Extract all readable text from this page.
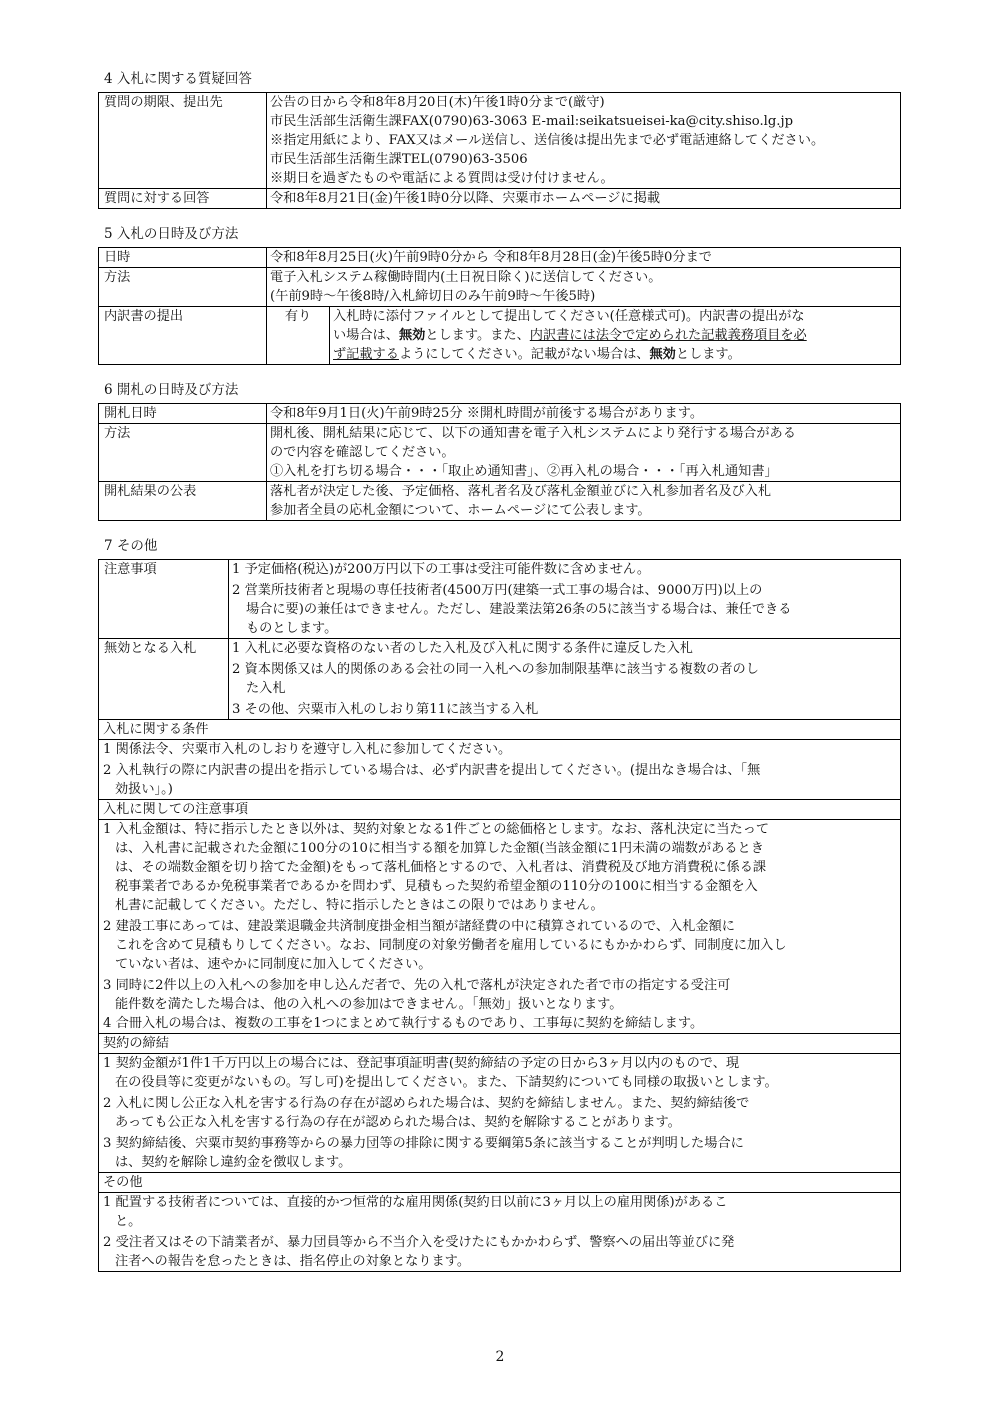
4 入札に関する質疑回答
質問の期限、提出先	公告の日から令和8年8月20日(木)午後1時0分まで(厳守)
市民生活部生活衛生課FAX(0790)63-3063 E-mail:seikatsueisei-ka@city.shiso.lg.jp
※指定用紙により、FAX又はメール送信し、送信後は提出先まで必ず電話連絡してください。
市民生活部生活衛生課TEL(0790)63-3506
※期日を過ぎたものや電話による質問は受け付けません。

質問に対する回答	令和8年8月21日(金)午後1時0分以降、宍粟市ホームページに掲載
5 入札の日時及び方法
日時	令和8年8月25日(火)午前9時0分から 令和8年8月28日(金)午後5時0分まで	
方法	電子入札システム稼働時間内(土日祝日除く)に送信してください。
(午前9時〜午後8時/入札締切日のみ午前9時〜午後5時)	

内訳書の提出	有り	入札時に添付ファイルとして提出してください(任意様式可)。内訳書の提出がな
い場合は、無効とします。また、内訳書には法令で定められた記載義務項目を必
ず記載するようにしてください。記載がない場合は、無効とします。
6 開札の日時及び方法
開札日時	令和8年9月1日(火)午前9時25分 ※開札時間が前後する場合があります。
方法	開札後、開札結果に応じて、以下の通知書を電子入札システムにより発行する場合がある
ので内容を確認してください。
①入札を打ち切る場合・・・「取止め通知書」、②再入札の場合・・・「再入札通知書」

開札結果の公表	落札者が決定した後、予定価格、落札者名及び落札金額並びに入札参加者名及び入札
参加者全員の応札金額について、ホームページにて公表します。
7 その他
注意事項	1 予定価格(税込)が200万円以下の工事は受注可能件数に含めません。
2 営業所技術者と現場の専任技術者(4500万円(建築一式工事の場合は、9000万円)以上の
場合に要)の兼任はできません。ただし、建設業法第26条の5に該当する場合は、兼任できる
ものとします。

無効となる入札	1 入札に必要な資格のない者のした入札及び入札に関する条件に違反した入札
2 資本関係又は人的関係のある会社の同一入札への参加制限基準に該当する複数の者のし
た入札
3 その他、宍粟市入札のしおり第11に該当する入札
入札に関する条件

1 関係法令、宍粟市入札のしおりを遵守し入札に参加してください。
2 入札執行の際に内訳書の提出を指示している場合は、必ず内訳書を提出してください。(提出なき場合は、「無
効扱い」。)

入札に関しての注意事項

1 入札金額は、特に指示したとき以外は、契約対象となる1件ごとの総価格とします。なお、落札決定に当たって
は、入札書に記載された金額に100分の10に相当する額を加算した金額(当該金額に1円未満の端数があるとき
は、その端数金額を切り捨てた金額)をもって落札価格とするので、入札者は、消費税及び地方消費税に係る課
税事業者であるか免税事業者であるかを問わず、見積もった契約希望金額の110分の100に相当する金額を入
札書に記載してください。ただし、特に指示したときはこの限りではありません。
2 建設工事にあっては、建設業退職金共済制度掛金相当額が諸経費の中に積算されているので、入札金額に
これを含めて見積もりしてください。なお、同制度の対象労働者を雇用しているにもかかわらず、同制度に加入し
ていない者は、速やかに同制度に加入してください。
3 同時に2件以上の入札への参加を申し込んだ者で、先の入札で落札が決定された者で市の指定する受注可
能件数を満たした場合は、他の入札への参加はできません。「無効」扱いとなります。
4 合冊入札の場合は、複数の工事を1つにまとめて執行するものであり、工事毎に契約を締結します。

契約の締結

1 契約金額が1件1千万円以上の場合には、登記事項証明書(契約締結の予定の日から3ヶ月以内のもので、現
在の役員等に変更がないもの。写し可)を提出してください。また、下請契約についても同様の取扱いとします。
2 入札に関し公正な入札を害する行為の存在が認められた場合は、契約を締結しません。また、契約締結後で
あっても公正な入札を害する行為の存在が認められた場合は、契約を解除することがあります。
3 契約締結後、宍粟市契約事務等からの暴力団等の排除に関する要綱第5条に該当することが判明した場合に
は、契約を解除し違約金を徴収します。

その他

1 配置する技術者については、直接的かつ恒常的な雇用関係(契約日以前に3ヶ月以上の雇用関係)があるこ
と。
2 受注者又はその下請業者が、暴力団員等から不当介入を受けたにもかかわらず、警察への届出等並びに発
注者への報告を怠ったときは、指名停止の対象となります。
2
